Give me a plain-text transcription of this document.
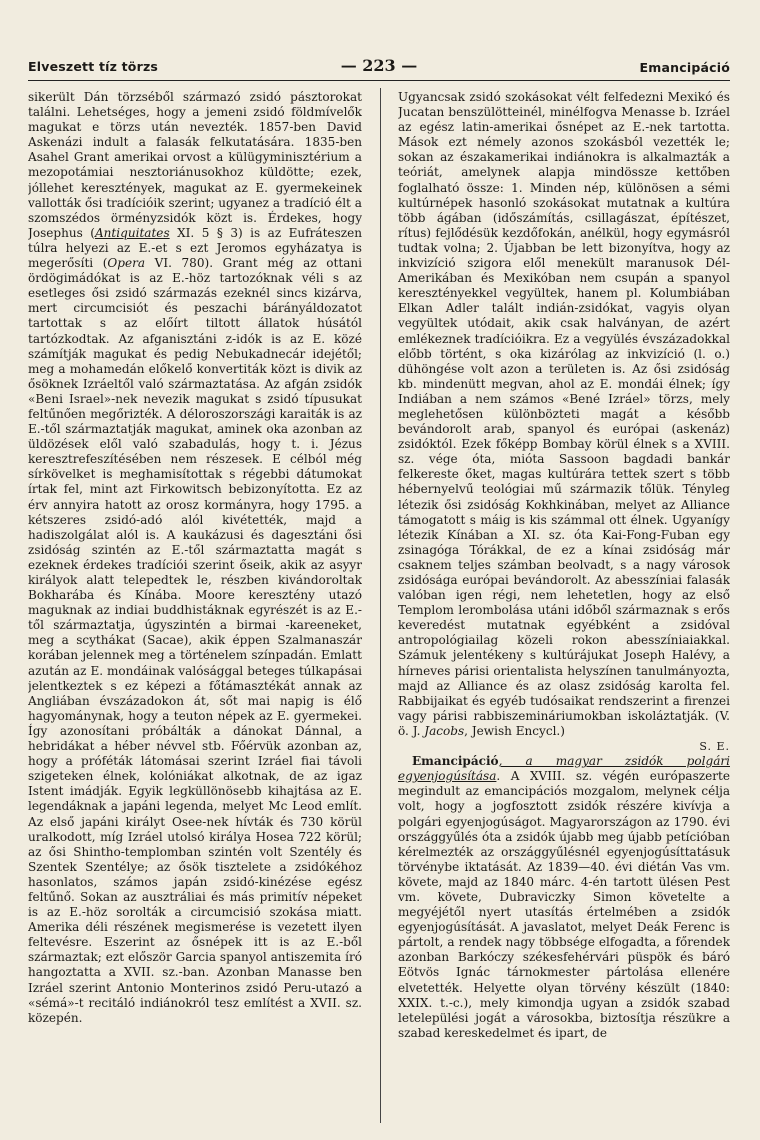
Elveszett tíz törzs	— 223 —	Emancipáció

sikerült Dán törzséből származó zsidó pásztorokat találni. Lehetséges, hogy a jemeni zsidó földmívelők magukat e törzs után nevezték. 1857-ben David Askenázi indult a falasák felkutatására. 1835-ben Asahel Grant amerikai orvost a külügyminisztérium a mezopotámiai nesztoriánusokhoz küldötte; ezek, jóllehet keresztények, magukat az E. gyermekeinek vallották ősi tradícióik szerint; ugyanez a tradíció élt a szomszédos örményzsidók közt is. Érdekes, hogy Josephus (Antiquitates XI. 5 § 3) is az Eufráteszen túlra helyezi az E.-et s ezt Jeromos egyházatya is megerősíti (Opera VI. 780). Grant még az ottani ördögimádókat is az E.-höz tartozóknak véli s az esetleges ősi zsidó származás ezeknél sincs kizárva, mert circumcisiót és peszachi bárányáldozatot tartottak s az előírt tiltott állatok húsától tartózkodtak. Az afganisztáni z-idók is az E. közé számítják magukat és pedig Nebukadnecár idejétől; meg a mohamedán előkelő konvertiták közt is divik az ősöknek Izráeltől való származtatása. Az afgán zsidók «Beni Israel»-nek nevezik magukat s zsidó típusukat feltűnően megőrizték. A déloroszországi karaiták is az E.-től származtatják magukat, aminek oka azonban az üldözések elől való szabadulás, hogy t. i. Jézus keresztrefeszítésében nem részesek. E célból még sírkövelket is meghamisítottak s régebbi dátumokat írtak fel, mint azt Firkowitsch bebizonyította. Ez az érv annyira hatott az orosz kormányra, hogy 1795. a kétszeres zsidó-adó alól kivétették, majd a hadiszolgálat alól is. A kaukázusi és dagesztáni ősi zsidóság szintén az E.-től származtatta magát s ezeknek érdekes tradíciói szerint őseik, akik az asyyr királyok alatt telepedtek le, részben kivándoroltak Bokharába és Kínába. Moore keresztény utazó maguknak az indiai buddhistáknak egyrészét is az E.-től származtatja, úgyszintén a birmai -kareeneket, meg a scythákat (Sacae), akik éppen Szalmanaszár korában jelennek meg a történelem színpadán. Emlatt azután az E. mondáinak valósággal beteges túlkapásai jelentkeztek s ez képezi a főtámasztékát annak az Angliában évszázadokon át, sőt mai napig is élő hagyománynak, hogy a teuton népek az E. gyermekei. Így azonosítani próbálták a dánokat Dánnal, a hebridákat a héber névvel stb. Főérvük azonban az, hogy a próféták látomásai szerint Izráel fiai távoli szigeteken élnek, kolóniákat alkotnak, de az igaz Istent imádják. Egyik legküllönösebb kihajtása az E. legendáknak a japáni legenda, melyet Mc Leod említ. Az első japáni királyt Osee-nek hívták és 730 körül uralkodott, míg Izráel utolsó királya Hosea 722 körül; az ősi Shintho-templomban szintén volt Szentély és Szentek Szentélye; az ősök tisztelete a zsidókéhoz hasonlatos, számos japán zsidó-kinézése egész feltűnő. Sokan az ausztráliai és más primitív népeket is az E.-höz sorolták a circumcisió szokása miatt. Amerika déli részének megismerése is vezetett ilyen feltevésre. Eszerint az ősnépek itt is az E.-ből származtak; ezt először Garcia spanyol antiszemita író hangoztatta a XVII. sz.-ban. Azonban Manasse ben Izráel szerint Antonio Monterinos zsidó Peru-utazó a «sémá»-t recitáló indiánokról tesz említést a XVII. sz. közepén.

Ugyancsak zsidó szokásokat vélt felfedezni Mexikó és Jucatan benszülötteinél, minélfogva Menasse b. Izráel az egész latin-amerikai ősnépet az E.-nek tartotta. Mások ezt némely azonos szokásból vezették le; sokan az északamerikai indiánokra is alkalmazták a teóriát, amelynek alapja mindössze kettőben foglalható össze: 1. Minden nép, különösen a sémi kultúrnépek hasonló szokásokat mutatnak a kultúra több ágában (időszámítás, csillagászat, építészet, rítus) fejlődésük kezdőfokán, anélkül, hogy egymásról tudtak volna; 2. Újabban be lett bizonyítva, hogy az inkvizíció szigora elől menekült maranusok Dél-Amerikában és Mexikóban nem csupán a spanyol keresztényekkel vegyültek, hanem pl. Kolumbiában Elkan Adler talált indián-zsidókat, vagyis olyan vegyültek utódait, akik csak halványan, de azért emlékeznek tradícióikra. Ez a vegyülés évszázadokkal előbb történt, s oka kizárólag az inkvizíció (l. o.) dühöngése volt azon a területen is. Az ősi zsidóság kb. mindenütt megvan, ahol az E. mondái élnek; így Indiában a nem számos «Bené Izráel» törzs, mely meglehetősen különbözteti magát a később bevándorolt arab, spanyol és európai (askenáz) zsidóktól. Ezek főképp Bombay körül élnek s a XVIII. sz. vége óta, mióta Sassoon bagdadi bankár felkereste őket, magas kultúrára tettek szert s több hébernyelvű teológiai mű származik tőlük. Tényleg létezik ősi zsidóság Kokhkinában, melyet az Alliance támogatott s máig is kis számmal ott élnek. Ugyanígy létezik Kínában a XI. sz. óta Kai-Fong-Fuban egy zsinagóga Tórákkal, de ez a kínai zsidóság már csaknem teljes számban beolvadt, s a nagy városok zsidósága európai bevándorolt. Az abesszíniai falasák valóban igen régi, nem lehetetlen, hogy az első Templom lerombolása utáni időből származnak s erős keveredést mutatnak egyébként a zsidóval antropológiailag közeli rokon abesszíniaiakkal. Számuk jelentékeny s kultúrájukat Joseph Halévy, a hírneves párisi orientalista helyszínen tanulmányozta, majd az Alliance és az olasz zsidóság karolta fel. Rabbijaikat és egyéb tudósaikat rendszerint a firenzei vagy párisi rabbiszemináriumokban iskoláztatják. (V. ö. J. Jacobs, Jewish Encycl.)
S. E.

Emancipáció, a magyar zsidók polgári egyenjogúsítása. A XVIII. sz. végén európaszerte megindult az emancipációs mozgalom, melynek célja volt, hogy a jogfosztott zsidók részére kivívja a polgári egyenjogúságot. Magyarországon az 1790. évi országgyűlés óta a zsidók újabb meg újabb petícióban kérelmezték az országgyűlésnél egyenjogúsíttatásuk törvénybe iktatását. Az 1839—40. évi diétán Vas vm. követe, majd az 1840 márc. 4-én tartott ülésen Pest vm. követe, Dubraviczky Simon követelte a megyéjétől nyert utasítás értelmében a zsidók egyenjogúsítását. A javaslatot, melyet Deák Ferenc is pártolt, a rendek nagy többsége elfogadta, a főrendek azonban Barkóczy székesfehérvári püspök és báró Eötvös Ignác tárnokmester pártolása ellenére elvetették. Helyette olyan törvény készült (1840: XXIX. t.-c.), mely kimondja ugyan a zsidók szabad letelepülési jogát a városokba, biztosítja részükre a szabad kereskedelmet és ipart, de
